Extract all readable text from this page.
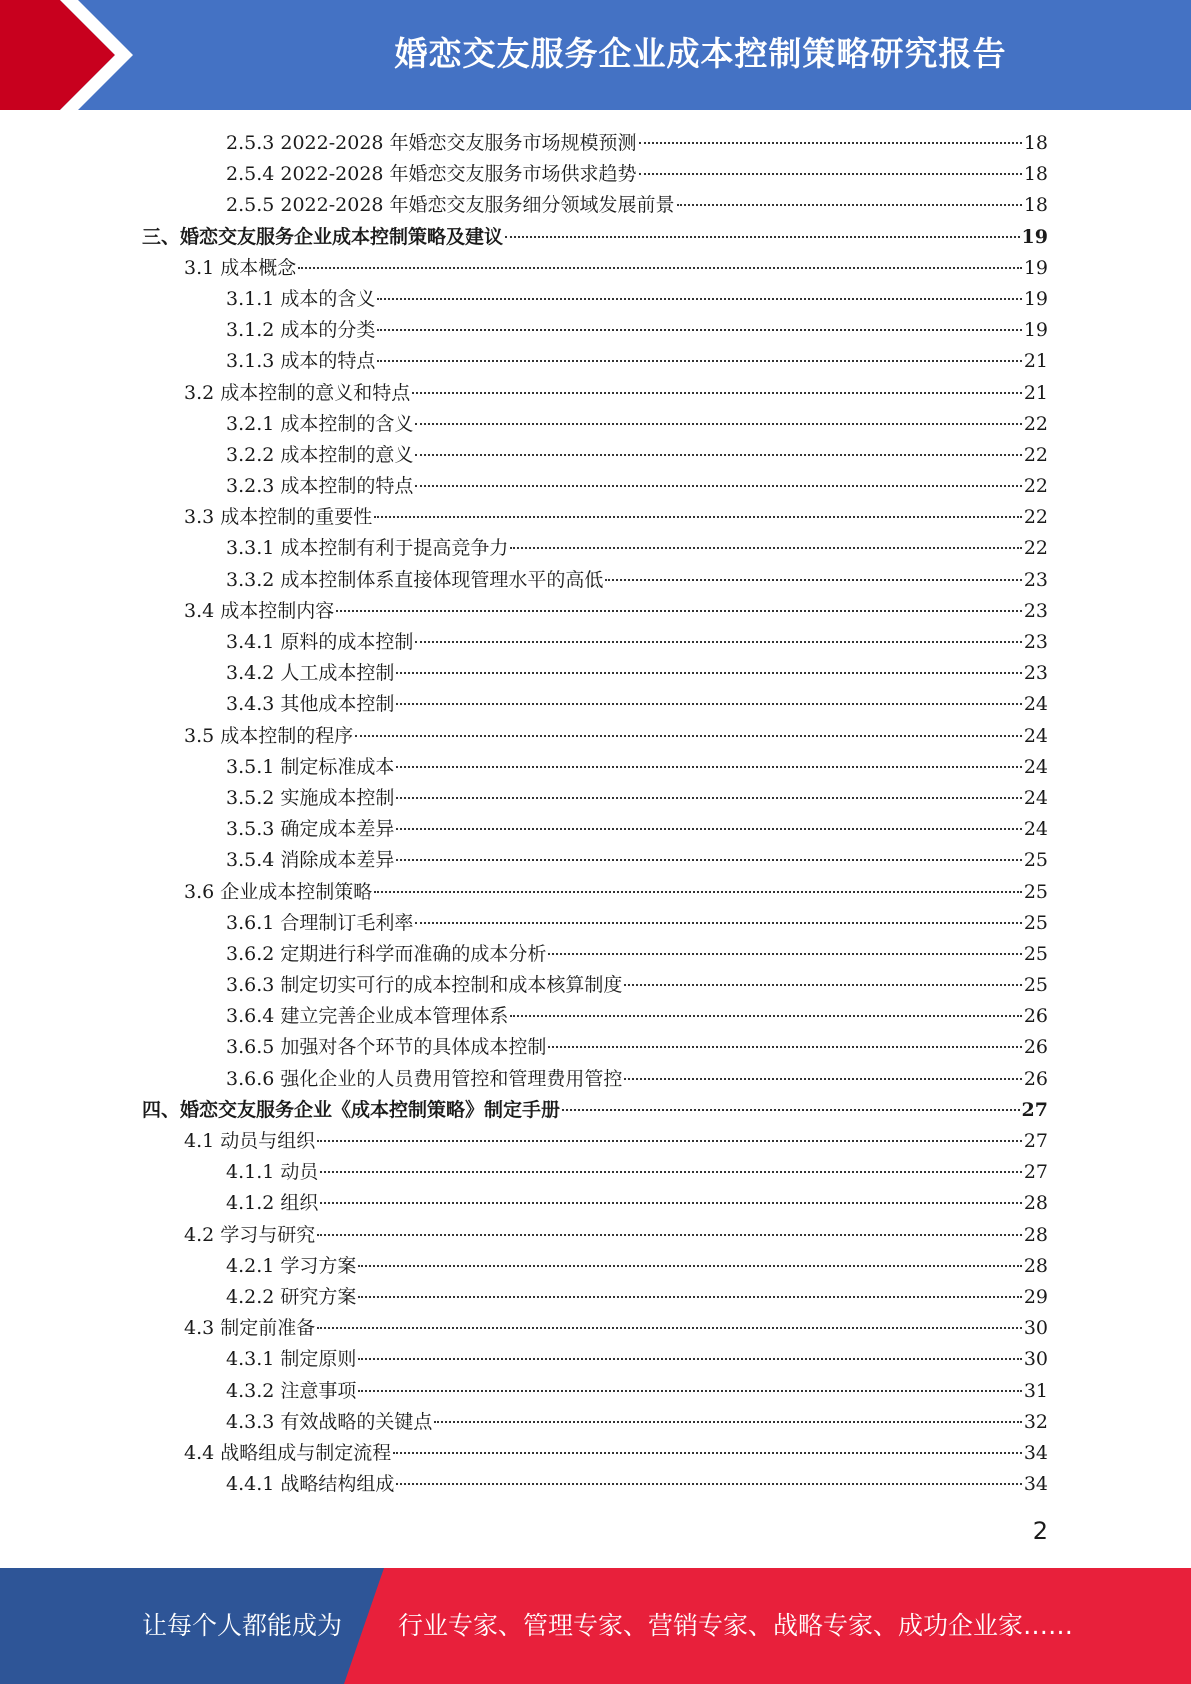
婚恋交友服务企业成本控制策略研究报告
2.5.3 2022-2028 年婚恋交友服务市场规模预测	18
2.5.4 2022-2028 年婚恋交友服务市场供求趋势	18
2.5.5 2022-2028 年婚恋交友服务细分领域发展前景	18
三、婚恋交友服务企业成本控制策略及建议	19
3.1 成本概念	19
3.1.1 成本的含义	19
3.1.2 成本的分类	19
3.1.3 成本的特点	21
3.2 成本控制的意义和特点	21
3.2.1 成本控制的含义	22
3.2.2 成本控制的意义	22
3.2.3 成本控制的特点	22
3.3 成本控制的重要性	22
3.3.1 成本控制有利于提高竞争力	22
3.3.2 成本控制体系直接体现管理水平的高低	23
3.4 成本控制内容	23
3.4.1 原料的成本控制	23
3.4.2 人工成本控制	23
3.4.3 其他成本控制	24
3.5 成本控制的程序	24
3.5.1 制定标准成本	24
3.5.2 实施成本控制	24
3.5.3 确定成本差异	24
3.5.4 消除成本差异	25
3.6 企业成本控制策略	25
3.6.1 合理制订毛利率	25
3.6.2 定期进行科学而准确的成本分析	25
3.6.3 制定切实可行的成本控制和成本核算制度	25
3.6.4 建立完善企业成本管理体系	26
3.6.5 加强对各个环节的具体成本控制	26
3.6.6 强化企业的人员费用管控和管理费用管控	26
四、婚恋交友服务企业《成本控制策略》制定手册	27
4.1 动员与组织	27
4.1.1 动员	27
4.1.2 组织	28
4.2 学习与研究	28
4.2.1 学习方案	28
4.2.2 研究方案	29
4.3 制定前准备	30
4.3.1 制定原则	30
4.3.2 注意事项	31
4.3.3 有效战略的关键点	32
4.4 战略组成与制定流程	34
4.4.1 战略结构组成	34
2
让每个人都能成为 行业专家、管理专家、营销专家、战略专家、成功企业家……
